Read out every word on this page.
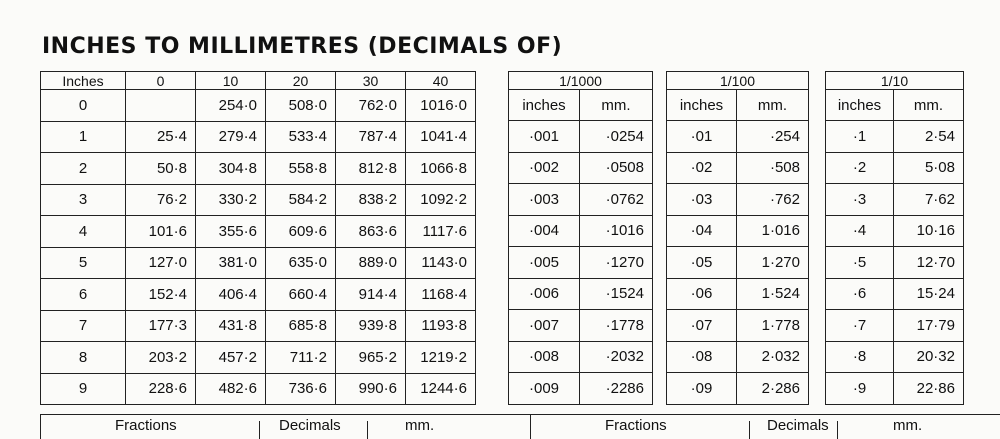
INCHES TO MILLIMETRES (DECIMALS OF)
Inches	0	10	20	30	40
0		254·0	508·0	762·0	1016·0
1	25·4	279·4	533·4	787·4	1041·4
2	50·8	304·8	558·8	812·8	1066·8
3	76·2	330·2	584·2	838·2	1092·2
4	101·6	355·6	609·6	863·6	1117·6
5	127·0	381·0	635·0	889·0	1143·0
6	152·4	406·4	660·4	914·4	1168·4
7	177·3	431·8	685·8	939·8	1193·8
8	203·2	457·2	711·2	965·2	1219·2
9	228·6	482·6	736·6	990·6	1244·6
1/1000	
inches	mm.
·001	·0254
·002	·0508
·003	·0762
·004	·1016
·005	·1270
·006	·1524
·007	·1778
·008	·2032
·009	·2286
1/100	
inches	mm.
·01	·254
·02	·508
·03	·762
·04	1·016
·05	1·270
·06	1·524
·07	1·778
·08	2·032
·09	2·286
1/10	
inches	mm.
·1	2·54
·2	5·08
·3	7·62
·4	10·16
·5	12·70
·6	15·24
·7	17·79
·8	20·32
·9	22·86
Fractions	Decimals	mm.	Fractions	Decimals	mm.
